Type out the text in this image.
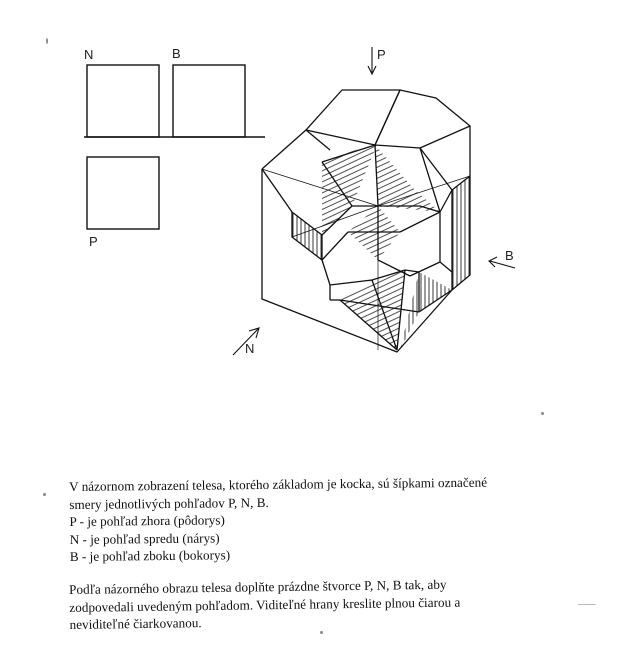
N	B
P
P
B
N
V názornom zobrazení telesa, ktorého základom je kocka, sú šípkami označené
smery jednotlivých pohľadov P, N, B.
P - je pohľad zhora (pôdorys)
N - je pohľad spredu (nárys)
B - je pohľad zboku (bokorys)
Podľa názorného obrazu telesa doplňte prázdne štvorce P, N, B tak, aby
zodpovedali uvedeným pohľadom. Viditeľné hrany kreslite plnou čiarou a
neviditeľné čiarkovanou.
